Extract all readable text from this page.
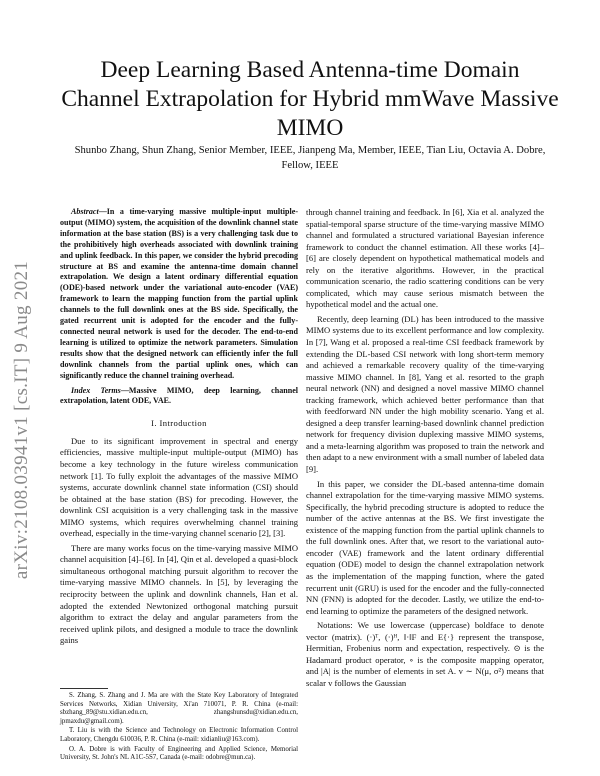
arXiv:2108.03941v1 [cs.IT] 9 Aug 2021
Deep Learning Based Antenna-time Domain Channel Extrapolation for Hybrid mmWave Massive MIMO

Shunbo Zhang, Shun Zhang, Senior Member, IEEE, Jianpeng Ma, Member, IEEE, Tian Liu, Octavia A. Dobre, Fellow, IEEE

Abstract—In a time-varying massive multiple-input multiple-output (MIMO) system, the acquisition of the downlink channel state information at the base station (BS) is a very challenging task due to the prohibitively high overheads associated with downlink training and uplink feedback. In this paper, we consider the hybrid precoding structure at BS and examine the antenna-time domain channel extrapolation. We design a latent ordinary differential equation (ODE)-based network under the variational auto-encoder (VAE) framework to learn the mapping function from the partial uplink channels to the full downlink ones at the BS side. Specifically, the gated recurrent unit is adopted for the encoder and the fully-connected neural network is used for the decoder. The end-to-end learning is utilized to optimize the network parameters. Simulation results show that the designed network can efficiently infer the full downlink channels from the partial uplink ones, which can significantly reduce the channel training overhead.

Index Terms—Massive MIMO, deep learning, channel extrapolation, latent ODE, VAE.

I. Introduction

Due to its significant improvement in spectral and energy efficiencies, massive multiple-input multiple-output (MIMO) has become a key technology in the future wireless communication network [1]. To fully exploit the advantages of the massive MIMO systems, accurate downlink channel state information (CSI) should be obtained at the base station (BS) for precoding. However, the downlink CSI acquisition is a very challenging task in the massive MIMO systems, which requires overwhelming channel training overhead, especially in the time-varying channel scenario [2], [3].

There are many works focus on the time-varying massive MIMO channel acquisition [4]–[6]. In [4], Qin et al. developed a quasi-block simultaneous orthogonal matching pursuit algorithm to recover the time-varying massive MIMO channels. In [5], by leveraging the reciprocity between the uplink and downlink channels, Han et al. adopted the extended Newtonized orthogonal matching pursuit algorithm to extract the delay and angular parameters from the received uplink pilots, and designed a module to trace the downlink gains

through channel training and feedback. In [6], Xia et al. analyzed the spatial-temporal sparse structure of the time-varying massive MIMO channel and formulated a structured variational Bayesian inference framework to conduct the channel estimation. All these works [4]–[6] are closely dependent on hypothetical mathematical models and rely on the iterative algorithms. However, in the practical communication scenario, the radio scattering conditions can be very complicated, which may cause serious mismatch between the hypothetical model and the actual one.

Recently, deep learning (DL) has been introduced to the massive MIMO systems due to its excellent performance and low complexity. In [7], Wang et al. proposed a real-time CSI feedback framework by extending the DL-based CSI network with long short-term memory and achieved a remarkable recovery quality of the time-varying massive MIMO channel. In [8], Yang et al. resorted to the graph neural network (NN) and designed a novel massive MIMO channel tracking framework, which achieved better performance than that with feedforward NN under the high mobility scenario. Yang et al. designed a deep transfer learning-based downlink channel prediction network for frequency division duplexing massive MIMO systems, and a meta-learning algorithm was proposed to train the network and then adapt to a new environment with a small number of labeled data [9].

In this paper, we consider the DL-based antenna-time domain channel extrapolation for the time-varying massive MIMO systems. Specifically, the hybrid precoding structure is adopted to reduce the number of the active antennas at the BS. We first investigate the existence of the mapping function from the partial uplink channels to the full downlink ones. After that, we resort to the variational auto-encoder (VAE) framework and the latent ordinary differential equation (ODE) model to design the channel extrapolation network as the implementation of the mapping function, where the gated recurrent unit (GRU) is used for the encoder and the fully-connected NN (FNN) is adopted for the decoder. Lastly, we utilize the end-to-end learning to optimize the parameters of the designed network.

Notations: We use lowercase (uppercase) boldface to denote vector (matrix). (·)ᵀ, (·)ᴴ, ‖·‖F and E{·} represent the transpose, Hermitian, Frobenius norm and expectation, respectively. ⊙ is the Hadamard product operator, ∘ is the composite mapping operator, and |A| is the number of elements in set A. v ∼ N(μ, σ²) means that scalar v follows the Gaussian

S. Zhang, S. Zhang and J. Ma are with the State Key Laboratory of Integrated Services Networks, Xidian University, Xi'an 710071, P. R. China (e-mail: sbzhang_89@stu.xidian.edu.cn, zhangshunsdu@xidian.edu.cn, jpmaxdu@gmail.com).

T. Liu is with the Science and Technology on Electronic Information Control Laboratory, Chengdu 610036, P. R. China (e-mail: xidianliu@163.com).

O. A. Dobre is with Faculty of Engineering and Applied Science, Memorial University, St. John's NL A1C-5S7, Canada (e-mail: odobre@mun.ca).
